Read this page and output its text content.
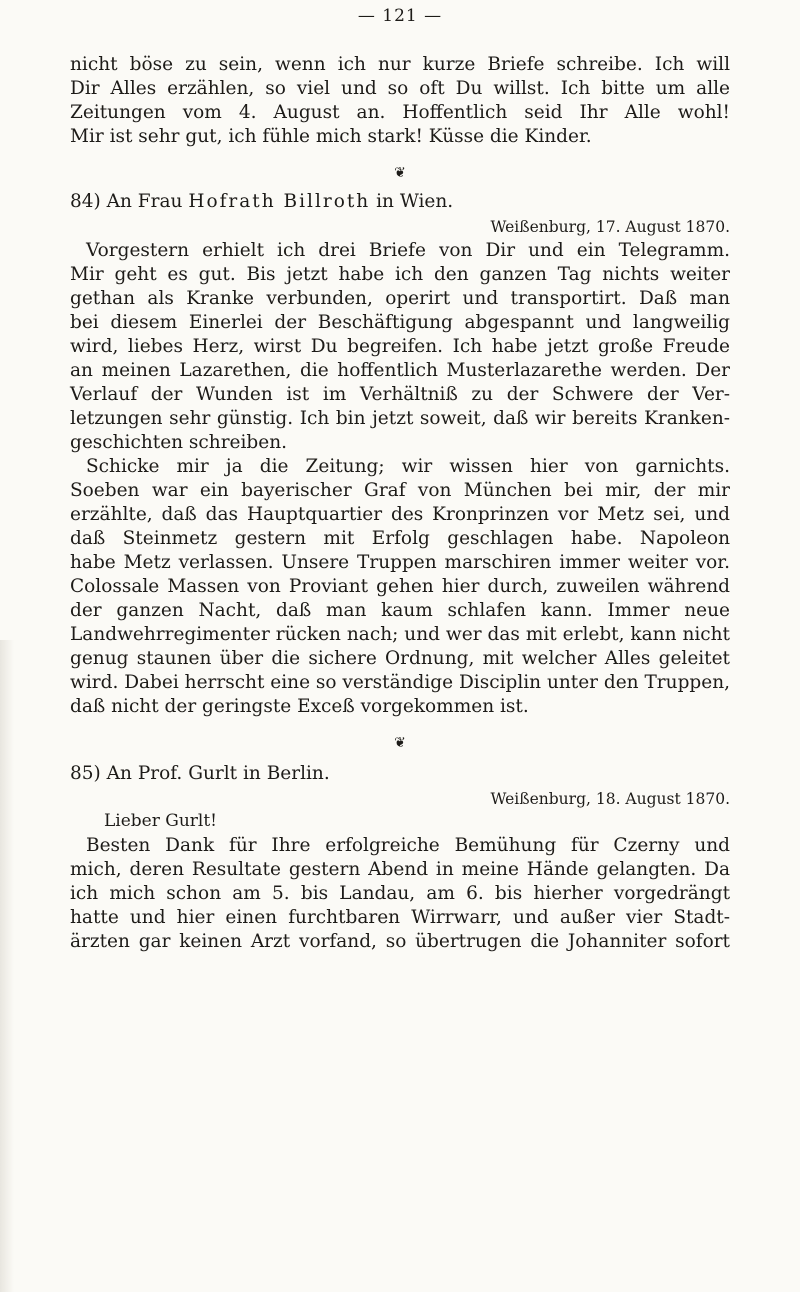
— 121 —
nicht böse zu sein, wenn ich nur kurze Briefe schreibe. Ich will
Dir Alles erzählen, so viel und so oft Du willst. Ich bitte um alle
Zeitungen vom 4. August an. Hoffentlich seid Ihr Alle wohl!
Mir ist sehr gut, ich fühle mich stark! Küsse die Kinder.
❦
84) An Frau Hofrath Billroth in Wien.
Weißenburg, 17. August 1870.
Vorgestern erhielt ich drei Briefe von Dir und ein Telegramm.
Mir geht es gut. Bis jetzt habe ich den ganzen Tag nichts weiter
gethan als Kranke verbunden, operirt und transportirt. Daß man
bei diesem Einerlei der Beschäftigung abgespannt und langweilig
wird, liebes Herz, wirst Du begreifen. Ich habe jetzt große Freude
an meinen Lazarethen, die hoffentlich Musterlazarethe werden. Der
Verlauf der Wunden ist im Verhältniß zu der Schwere der Ver-
letzungen sehr günstig. Ich bin jetzt soweit, daß wir bereits Kranken-
geschichten schreiben.
Schicke mir ja die Zeitung; wir wissen hier von garnichts.
Soeben war ein bayerischer Graf von München bei mir, der mir
erzählte, daß das Hauptquartier des Kronprinzen vor Metz sei, und
daß Steinmetz gestern mit Erfolg geschlagen habe. Napoleon
habe Metz verlassen. Unsere Truppen marschiren immer weiter vor.
Colossale Massen von Proviant gehen hier durch, zuweilen während
der ganzen Nacht, daß man kaum schlafen kann. Immer neue
Landwehrregimenter rücken nach; und wer das mit erlebt, kann nicht
genug staunen über die sichere Ordnung, mit welcher Alles geleitet
wird. Dabei herrscht eine so verständige Disciplin unter den Truppen,
daß nicht der geringste Exceß vorgekommen ist.
❦
85) An Prof. Gurlt in Berlin.
Weißenburg, 18. August 1870.
Lieber Gurlt!
Besten Dank für Ihre erfolgreiche Bemühung für Czerny und
mich, deren Resultate gestern Abend in meine Hände gelangten. Da
ich mich schon am 5. bis Landau, am 6. bis hierher vorgedrängt
hatte und hier einen furchtbaren Wirrwarr, und außer vier Stadt-
ärzten gar keinen Arzt vorfand, so übertrugen die Johanniter sofort
